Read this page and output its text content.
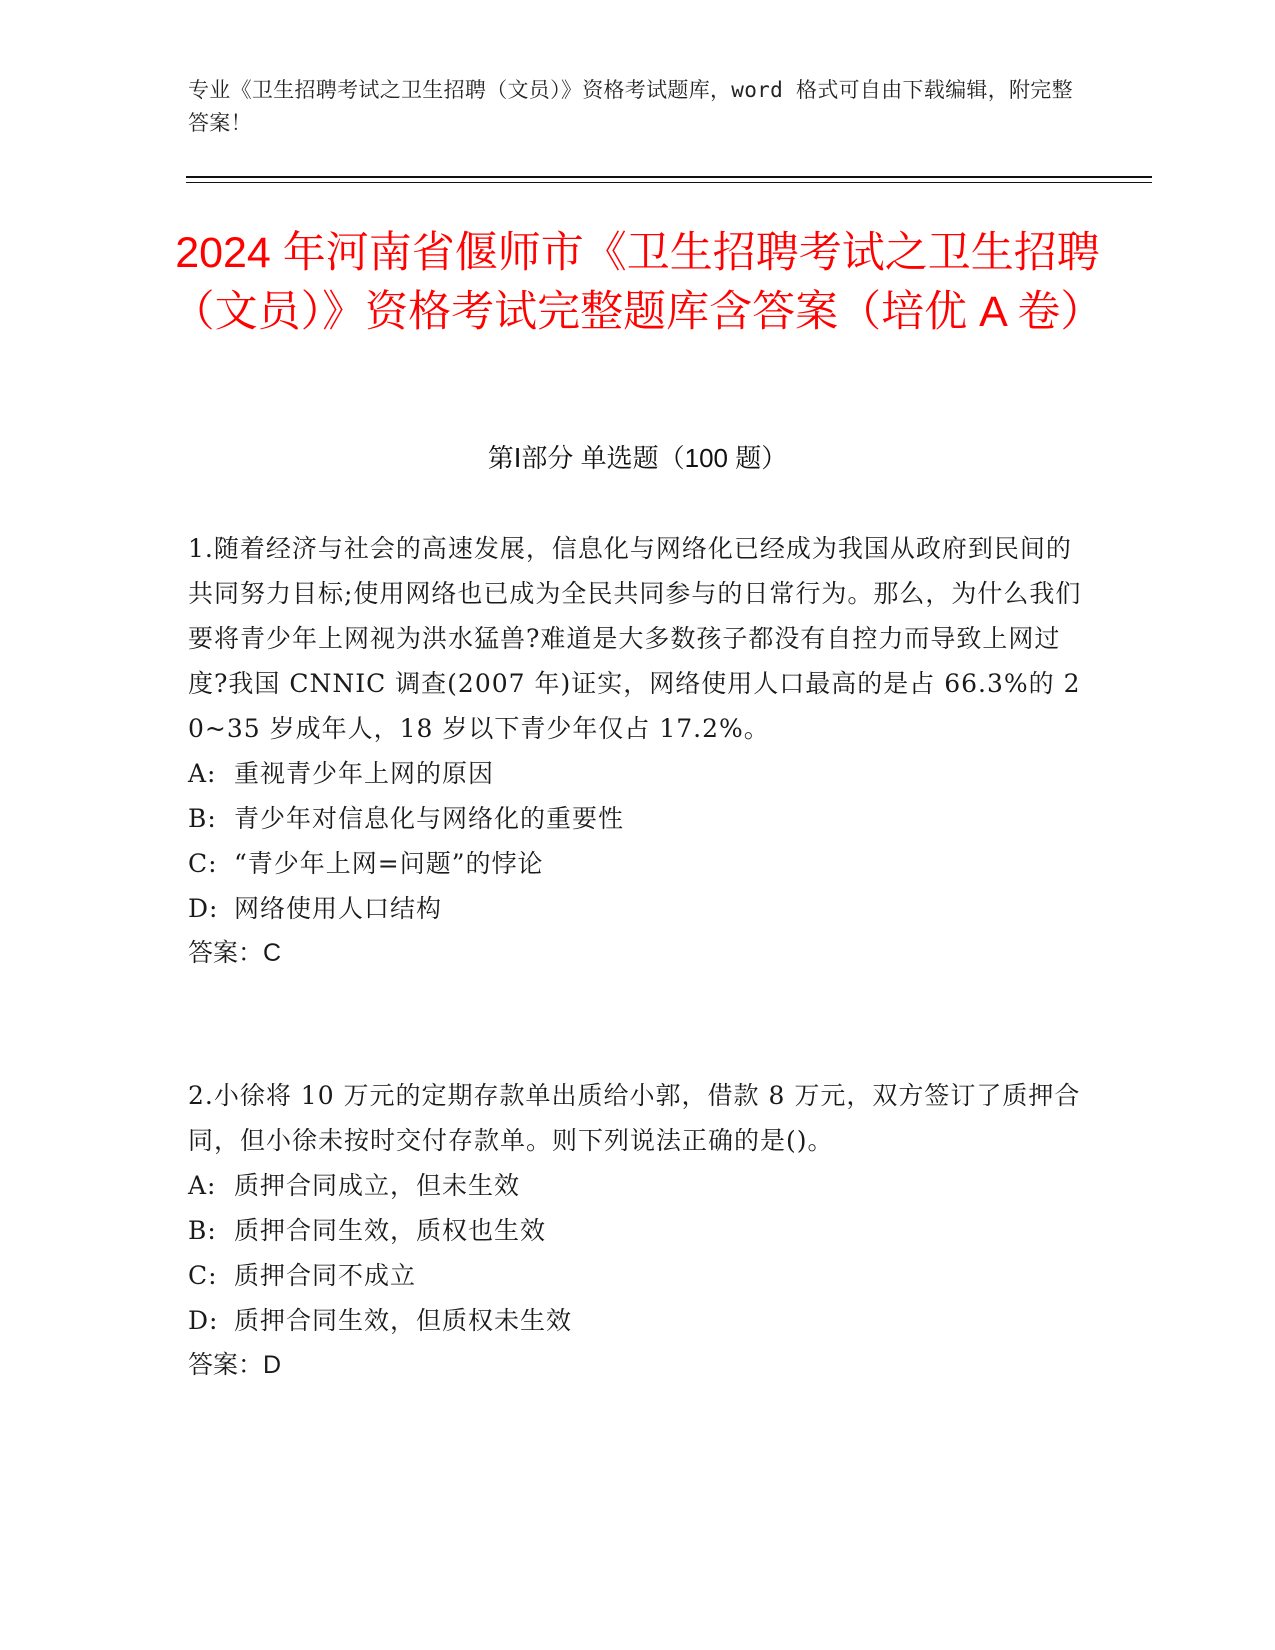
专业《卫生招聘考试之卫生招聘（文员）》资格考试题库，word 格式可自由下载编辑，附完整答案！
2024 年河南省偃师市《卫生招聘考试之卫生招聘（文员）》资格考试完整题库含答案（培优 A 卷）
第Ⅰ部分 单选题（100 题）

1.随着经济与社会的高速发展，信息化与网络化已经成为我国从政府到民间的共同努力目标;使用网络也已成为全民共同参与的日常行为。那么，为什么我们要将青少年上网视为洪水猛兽?难道是大多数孩子都没有自控力而导致上网过度?我国 CNNIC 调查(2007 年)证实，网络使用人口最高的是占 66.3%的 20~35 岁成年人，18 岁以下青少年仅占 17.2%。

A: 重视青少年上网的原因

B: 青少年对信息化与网络化的重要性

C: “青少年上网=问题”的悖论

D: 网络使用人口结构

答案：C

2.小徐将 10 万元的定期存款单出质给小郭，借款 8 万元，双方签订了质押合同，但小徐未按时交付存款单。则下列说法正确的是()。

A: 质押合同成立，但未生效

B: 质押合同生效，质权也生效

C: 质押合同不成立

D: 质押合同生效，但质权未生效

答案：D
